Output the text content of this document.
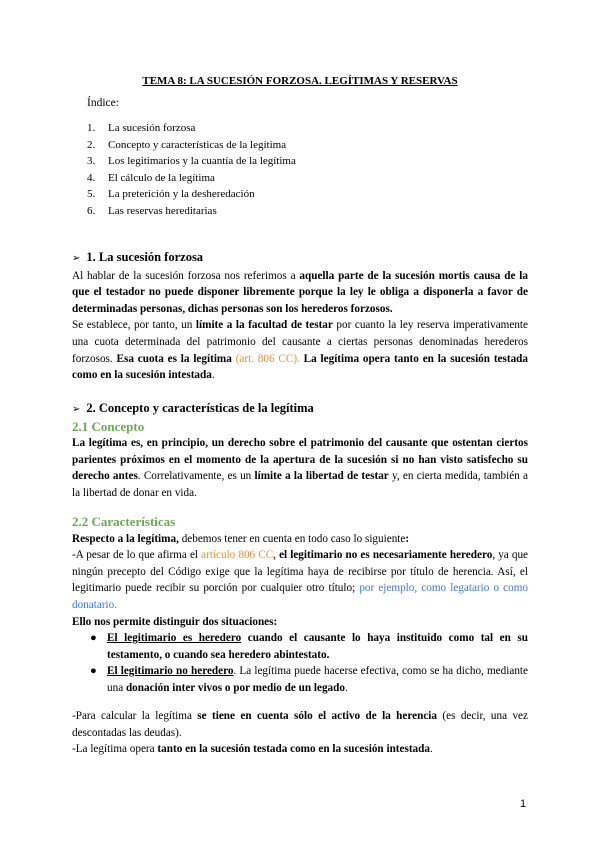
TEMA 8: LA SUCESIÓN FORZOSA. LEGÍTIMAS Y RESERVAS
Índice:
1. La sucesión forzosa
2. Concepto y características de la legítima
3. Los legitimarios y la cuantía de la legítima
4. El cálculo de la legítima
5. La preterición y la desheredación
6. Las reservas hereditarias
➢ 1. La sucesión forzosa

Al hablar de la sucesión forzosa nos referimos a aquella parte de la sucesión mortis causa de la que el testador no puede disponer libremente porque la ley le obliga a disponerla a favor de determinadas personas, dichas personas son los herederos forzosos.

Se establece, por tanto, un límite a la facultad de testar por cuanto la ley reserva imperativamente una cuota determinada del patrimonio del causante a ciertas personas denominadas herederos forzosos. Esa cuota es la legítima (art. 806 CC). La legítima opera tanto en la sucesión testada como en la sucesión intestada.

➢ 2. Concepto y características de la legítima
2.1 Concepto

La legítima es, en principio, un derecho sobre el patrimonio del causante que ostentan ciertos parientes próximos en el momento de la apertura de la sucesión si no han visto satisfecho su derecho antes. Correlativamente, es un límite a la libertad de testar y, en cierta medida, también a la libertad de donar en vida.

2.2 Características

Respecto a la legítima, debemos tener en cuenta en todo caso lo siguiente:

-A pesar de lo que afirma el artículo 806 CC, el legitimario no es necesariamente heredero, ya que ningún precepto del Código exige que la legítima haya de recibirse por título de herencia. Así, el legitimario puede recibir su porción por cualquier otro título; por ejemplo, como legatario o como donatario.

Ello nos permite distinguir dos situaciones:

● El legitimario es heredero cuando el causante lo haya instituido como tal en su testamento, o cuando sea heredero abintestato.
● El legitimario no heredero. La legítima puede hacerse efectiva, como se ha dicho, mediante una donación inter vivos o por medio de un legado.

-Para calcular la legítima se tiene en cuenta sólo el activo de la herencia (es decir, una vez descontadas las deudas).

-La legítima opera tanto en la sucesión testada como en la sucesión intestada.

1
